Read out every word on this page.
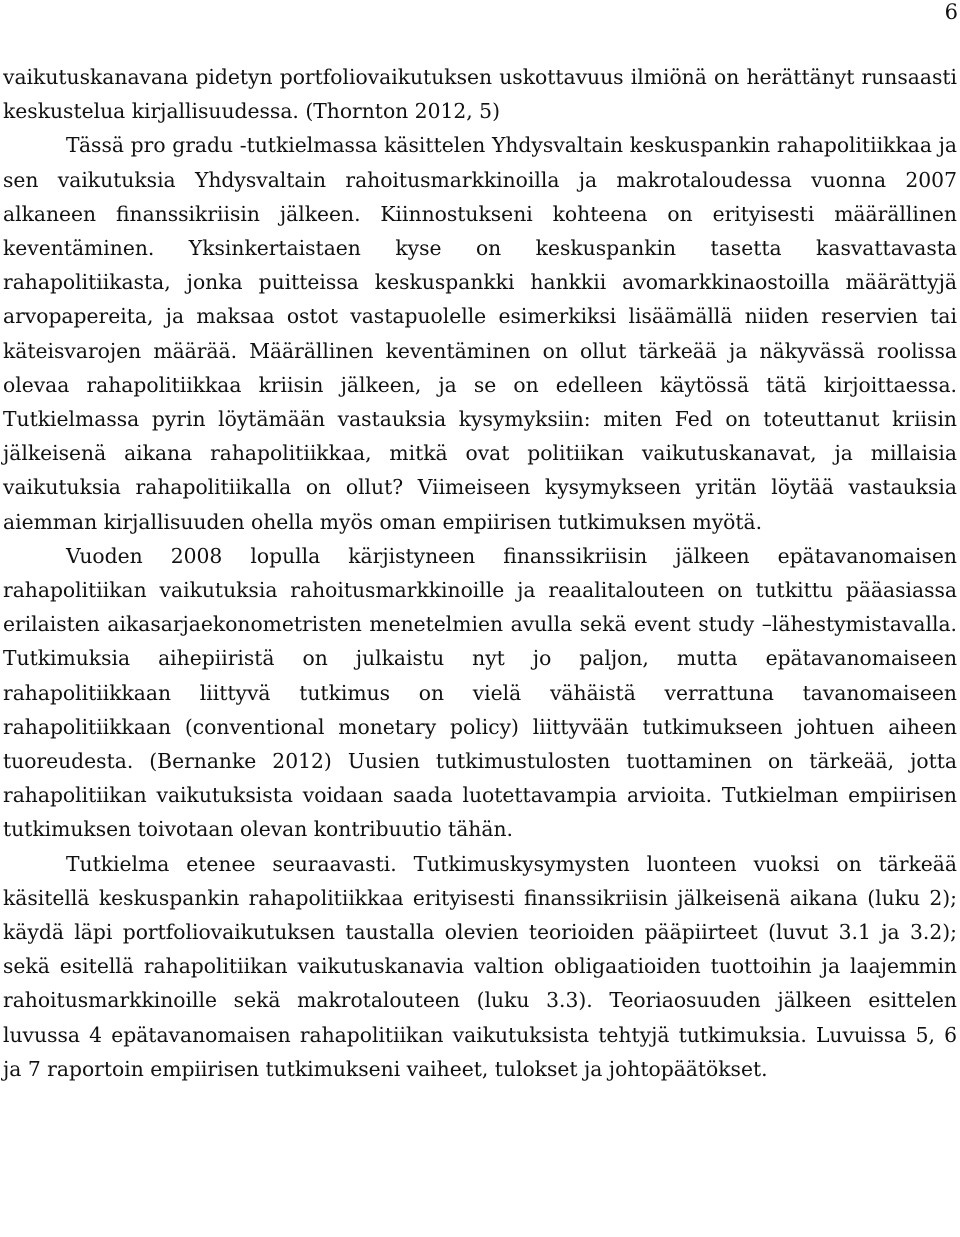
6

vaikutuskanavana pidetyn portfoliovaikutuksen uskottavuus ilmiönä on herättänyt runsaasti keskustelua kirjallisuudessa. (Thornton 2012, 5)

Tässä pro gradu -tutkielmassa käsittelen Yhdysvaltain keskuspankin rahapolitiikkaa ja sen vaikutuksia Yhdysvaltain rahoitusmarkkinoilla ja makrotaloudessa vuonna 2007 alkaneen finanssikriisin jälkeen. Kiinnostukseni kohteena on erityisesti määrällinen keventäminen. Yksinkertaistaen kyse on keskuspankin tasetta kasvattavasta rahapolitiikasta, jonka puitteissa keskuspankki hankkii avomarkkinaostoilla määrättyjä arvopapereita, ja maksaa ostot vastapuolelle esimerkiksi lisäämällä niiden reservien tai käteisvarojen määrää. Määrällinen keventäminen on ollut tärkeää ja näkyvässä roolissa olevaa rahapolitiikkaa kriisin jälkeen, ja se on edelleen käytössä tätä kirjoittaessa. Tutkielmassa pyrin löytämään vastauksia kysymyksiin: miten Fed on toteuttanut kriisin jälkeisenä aikana rahapolitiikkaa, mitkä ovat politiikan vaikutuskanavat, ja millaisia vaikutuksia rahapolitiikalla on ollut? Viimeiseen kysymykseen yritän löytää vastauksia aiemman kirjallisuuden ohella myös oman empiirisen tutkimuksen myötä.

Vuoden 2008 lopulla kärjistyneen finanssikriisin jälkeen epätavanomaisen rahapolitiikan vaikutuksia rahoitusmarkkinoille ja reaalitalouteen on tutkittu pääasiassa erilaisten aikasarjaekonometristen menetelmien avulla sekä event study –lähestymistavalla. Tutkimuksia aihepiiristä on julkaistu nyt jo paljon, mutta epätavanomaiseen rahapolitiikkaan liittyvä tutkimus on vielä vähäistä verrattuna tavanomaiseen rahapolitiikkaan (conventional monetary policy) liittyvään tutkimukseen johtuen aiheen tuoreudesta. (Bernanke 2012) Uusien tutkimustulosten tuottaminen on tärkeää, jotta rahapolitiikan vaikutuksista voidaan saada luotettavampia arvioita. Tutkielman empiirisen tutkimuksen toivotaan olevan kontribuutio tähän.

Tutkielma etenee seuraavasti. Tutkimuskysymysten luonteen vuoksi on tärkeää käsitellä keskuspankin rahapolitiikkaa erityisesti finanssikriisin jälkeisenä aikana (luku 2); käydä läpi portfoliovaikutuksen taustalla olevien teorioiden pääpiirteet (luvut 3.1 ja 3.2); sekä esitellä rahapolitiikan vaikutuskanavia valtion obligaatioiden tuottoihin ja laajemmin rahoitusmarkkinoille sekä makrotalouteen (luku 3.3). Teoriaosuuden jälkeen esittelen luvussa 4 epätavanomaisen rahapolitiikan vaikutuksista tehtyjä tutkimuksia. Luvuissa 5, 6 ja 7 raportoin empiirisen tutkimukseni vaiheet, tulokset ja johtopäätökset.
